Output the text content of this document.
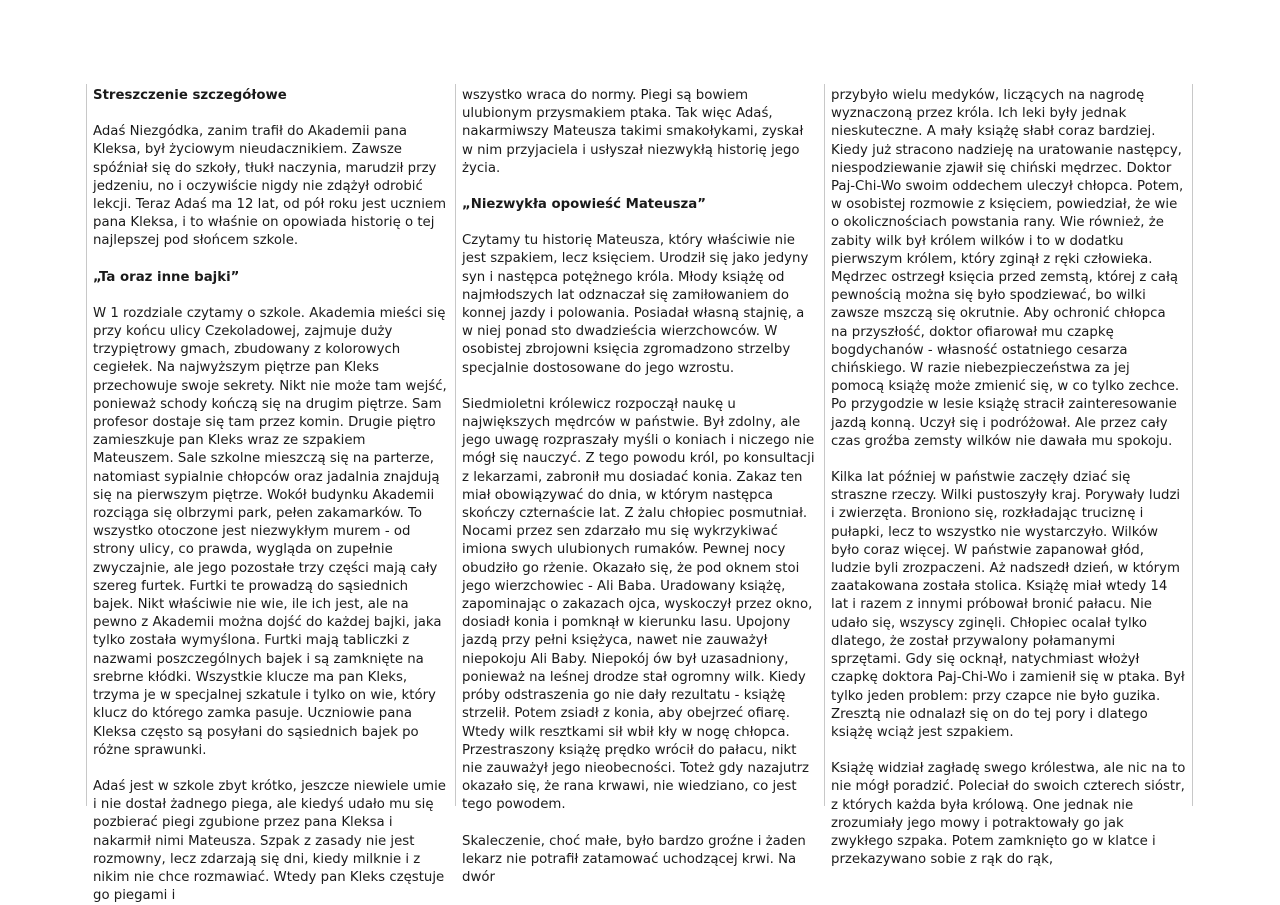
Streszczenie szczegółowe

Adaś Niezgódka, zanim trafił do Akademii pana Kleksa, był życiowym nieudacznikiem. Zawsze spóźniał się do szkoły, tłukł naczynia, marudził przy jedzeniu, no i oczywiście nigdy nie zdążył odrobić lekcji. Teraz Adaś ma 12 lat, od pół roku jest uczniem pana Kleksa, i to właśnie on opowiada historię o tej najlepszej pod słońcem szkole.

„Ta oraz inne bajki”

W 1 rozdziale czytamy o szkole. Akademia mieści się przy końcu ulicy Czekoladowej, zajmuje duży trzypiętrowy gmach, zbudowany z kolorowych cegiełek. Na najwyższym piętrze pan Kleks przechowuje swoje sekrety. Nikt nie może tam wejść, ponieważ schody kończą się na drugim piętrze. Sam profesor dostaje się tam przez komin. Drugie piętro zamieszkuje pan Kleks wraz ze szpakiem Mateuszem. Sale szkolne mieszczą się na parterze, natomiast sypialnie chłopców oraz jadalnia znajdują się na pierwszym piętrze. Wokół budynku Akademii rozciąga się olbrzymi park, pełen zakamarków. To wszystko otoczone jest niezwykłym murem - od strony ulicy, co prawda, wygląda on zupełnie zwyczajnie, ale jego pozostałe trzy części mają cały szereg furtek. Furtki te prowadzą do sąsiednich bajek. Nikt właściwie nie wie, ile ich jest, ale na pewno z Akademii można dojść do każdej bajki, jaka tylko została wymyślona. Furtki mają tabliczki z nazwami poszczególnych bajek i są zamknięte na srebrne kłódki. Wszystkie klucze ma pan Kleks, trzyma je w specjalnej szkatule i tylko on wie, który klucz do którego zamka pasuje. Uczniowie pana Kleksa często są posyłani do sąsiednich bajek po różne sprawunki.

Adaś jest w szkole zbyt krótko, jeszcze niewiele umie i nie dostał żadnego piega, ale kiedyś udało mu się pozbierać piegi zgubione przez pana Kleksa i nakarmił nimi Mateusza. Szpak z zasady nie jest rozmowny, lecz zdarzają się dni, kiedy milknie i z nikim nie chce rozmawiać. Wtedy pan Kleks częstuje go piegami i

wszystko wraca do normy. Piegi są bowiem ulubionym przysmakiem ptaka. Tak więc Adaś, nakarmiwszy Mateusza takimi smakołykami, zyskał w nim przyjaciela i usłyszał niezwykłą historię jego życia.

„Niezwykła opowieść Mateusza”

Czytamy tu historię Mateusza, który właściwie nie jest szpakiem, lecz księciem. Urodził się jako jedyny syn i następca potężnego króla. Młody książę od najmłodszych lat odznaczał się zamiłowaniem do konnej jazdy i polowania. Posiadał własną stajnię, a w niej ponad sto dwadzieścia wierzchowców. W osobistej zbrojowni księcia zgromadzono strzelby specjalnie dostosowane do jego wzrostu.

Siedmioletni królewicz rozpoczął naukę u największych mędrców w państwie. Był zdolny, ale jego uwagę rozpraszały myśli o koniach i niczego nie mógł się nauczyć. Z tego powodu król, po konsultacji z lekarzami, zabronił mu dosiadać konia. Zakaz ten miał obowiązywać do dnia, w którym następca skończy czternaście lat. Z żalu chłopiec posmutniał. Nocami przez sen zdarzało mu się wykrzykiwać imiona swych ulubionych rumaków. Pewnej nocy obudziło go rżenie. Okazało się, że pod oknem stoi jego wierzchowiec - Ali Baba. Uradowany książę, zapominając o zakazach ojca, wyskoczył przez okno, dosiadł konia i pomknął w kierunku lasu. Upojony jazdą przy pełni księżyca, nawet nie zauważył niepokoju Ali Baby. Niepokój ów był uzasadniony, ponieważ na leśnej drodze stał ogromny wilk. Kiedy próby odstraszenia go nie dały rezultatu - książę strzelił. Potem zsiadł z konia, aby obejrzeć ofiarę. Wtedy wilk resztkami sił wbił kły w nogę chłopca. Przestraszony książę prędko wrócił do pałacu, nikt nie zauważył jego nieobecności. Toteż gdy nazajutrz okazało się, że rana krwawi, nie wiedziano, co jest tego powodem.

Skaleczenie, choć małe, było bardzo groźne i żaden lekarz nie potrafił zatamować uchodzącej krwi. Na dwór

przybyło wielu medyków, liczących na nagrodę wyznaczoną przez króla. Ich leki były jednak nieskuteczne. A mały książę słabł coraz bardziej. Kiedy już stracono nadzieję na uratowanie następcy, niespodziewanie zjawił się chiński mędrzec. Doktor Paj-Chi-Wo swoim oddechem uleczył chłopca. Potem, w osobistej rozmowie z księciem, powiedział, że wie o okolicznościach powstania rany. Wie również, że zabity wilk był królem wilków i to w dodatku pierwszym królem, który zginął z ręki człowieka. Mędrzec ostrzegł księcia przed zemstą, której z całą pewnością można się było spodziewać, bo wilki zawsze mszczą się okrutnie. Aby ochronić chłopca na przyszłość, doktor ofiarował mu czapkę bogdychanów - własność ostatniego cesarza chińskiego. W razie niebezpieczeństwa za jej pomocą książę może zmienić się, w co tylko zechce. Po przygodzie w lesie książę stracił zainteresowanie jazdą konną. Uczył się i podróżował. Ale przez cały czas groźba zemsty wilków nie dawała mu spokoju.

Kilka lat później w państwie zaczęły dziać się straszne rzeczy. Wilki pustoszyły kraj. Porywały ludzi i zwierzęta. Broniono się, rozkładając truciznę i pułapki, lecz to wszystko nie wystarczyło. Wilków było coraz więcej. W państwie zapanował głód, ludzie byli zrozpaczeni. Aż nadszedł dzień, w którym zaatakowana została stolica. Książę miał wtedy 14 lat i razem z innymi próbował bronić pałacu. Nie udało się, wszyscy zginęli. Chłopiec ocalał tylko dlatego, że został przywalony połamanymi sprzętami. Gdy się ocknął, natychmiast włożył czapkę doktora Paj-Chi-Wo i zamienił się w ptaka. Był tylko jeden problem: przy czapce nie było guzika. Zresztą nie odnalazł się on do tej pory i dlatego książę wciąż jest szpakiem.

Książę widział zagładę swego królestwa, ale nic na to nie mógł poradzić. Poleciał do swoich czterech sióstr, z których każda była królową. One jednak nie zrozumiały jego mowy i potraktowały go jak zwykłego szpaka. Potem zamknięto go w klatce i przekazywano sobie z rąk do rąk,
